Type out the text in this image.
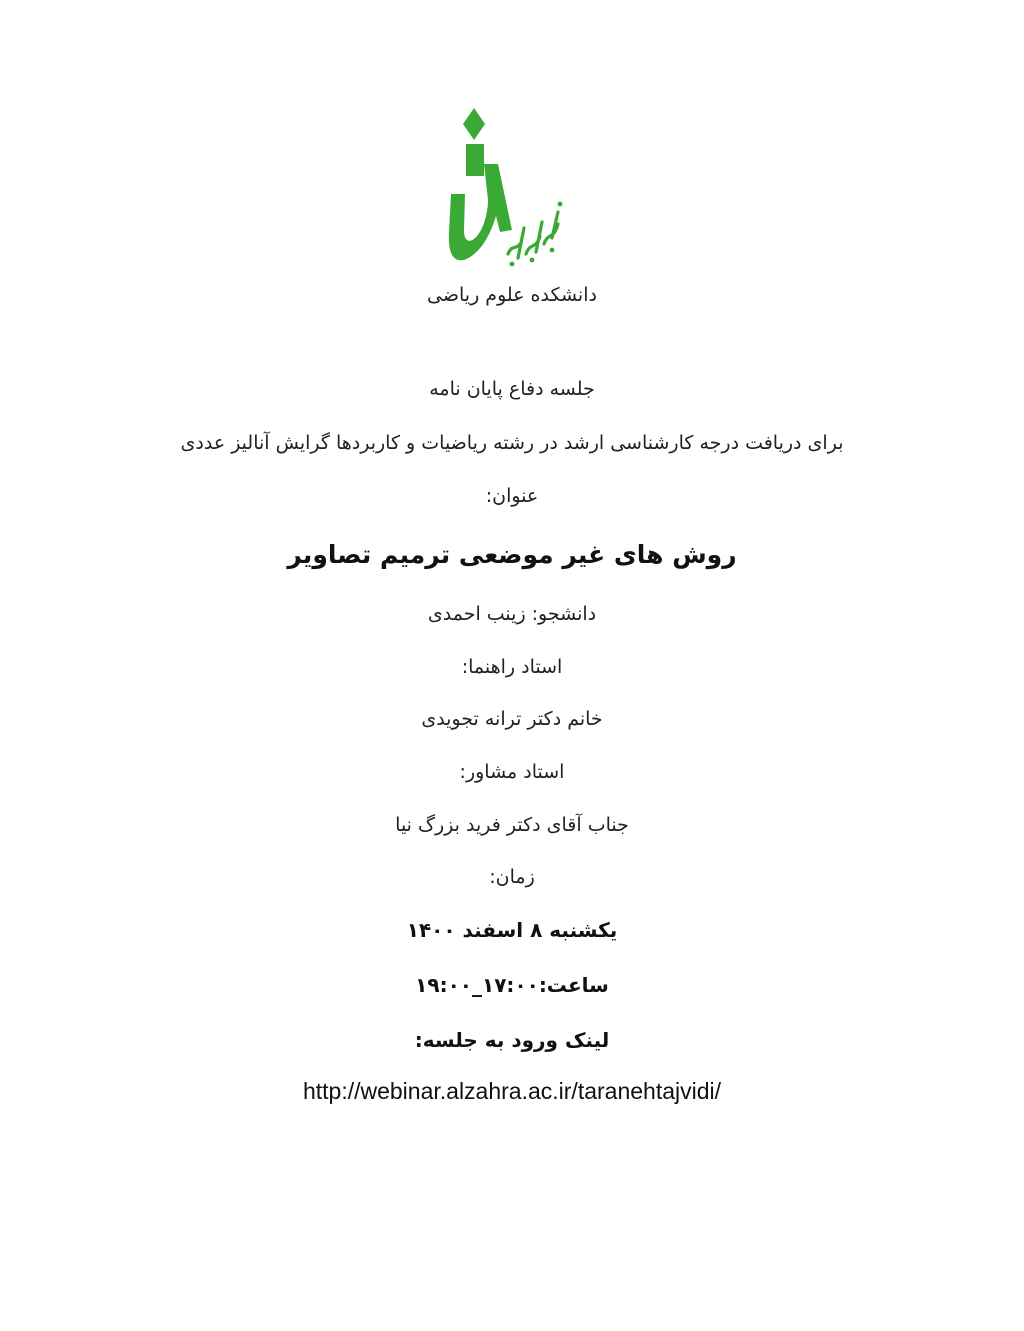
دانشکده علوم ریاضی
جلسه دفاع پایان نامه
برای دریافت درجه کارشناسی ارشد در رشته ریاضیات و کاربردها گرایش آنالیز عددی
عنوان:
روش های غیر موضعی ترمیم تصاویر
دانشجو: زینب احمدی
استاد راهنما:
خانم دکتر ترانه تجویدی
استاد مشاور:
جناب آقای دکتر فرید بزرگ نیا
زمان:
یکشنبه ۸ اسفند ۱۴۰۰
ساعت:۱۷:۰۰_۱۹:۰۰
لینک ورود به جلسه:
http://webinar.alzahra.ac.ir/taranehtajvidi/
